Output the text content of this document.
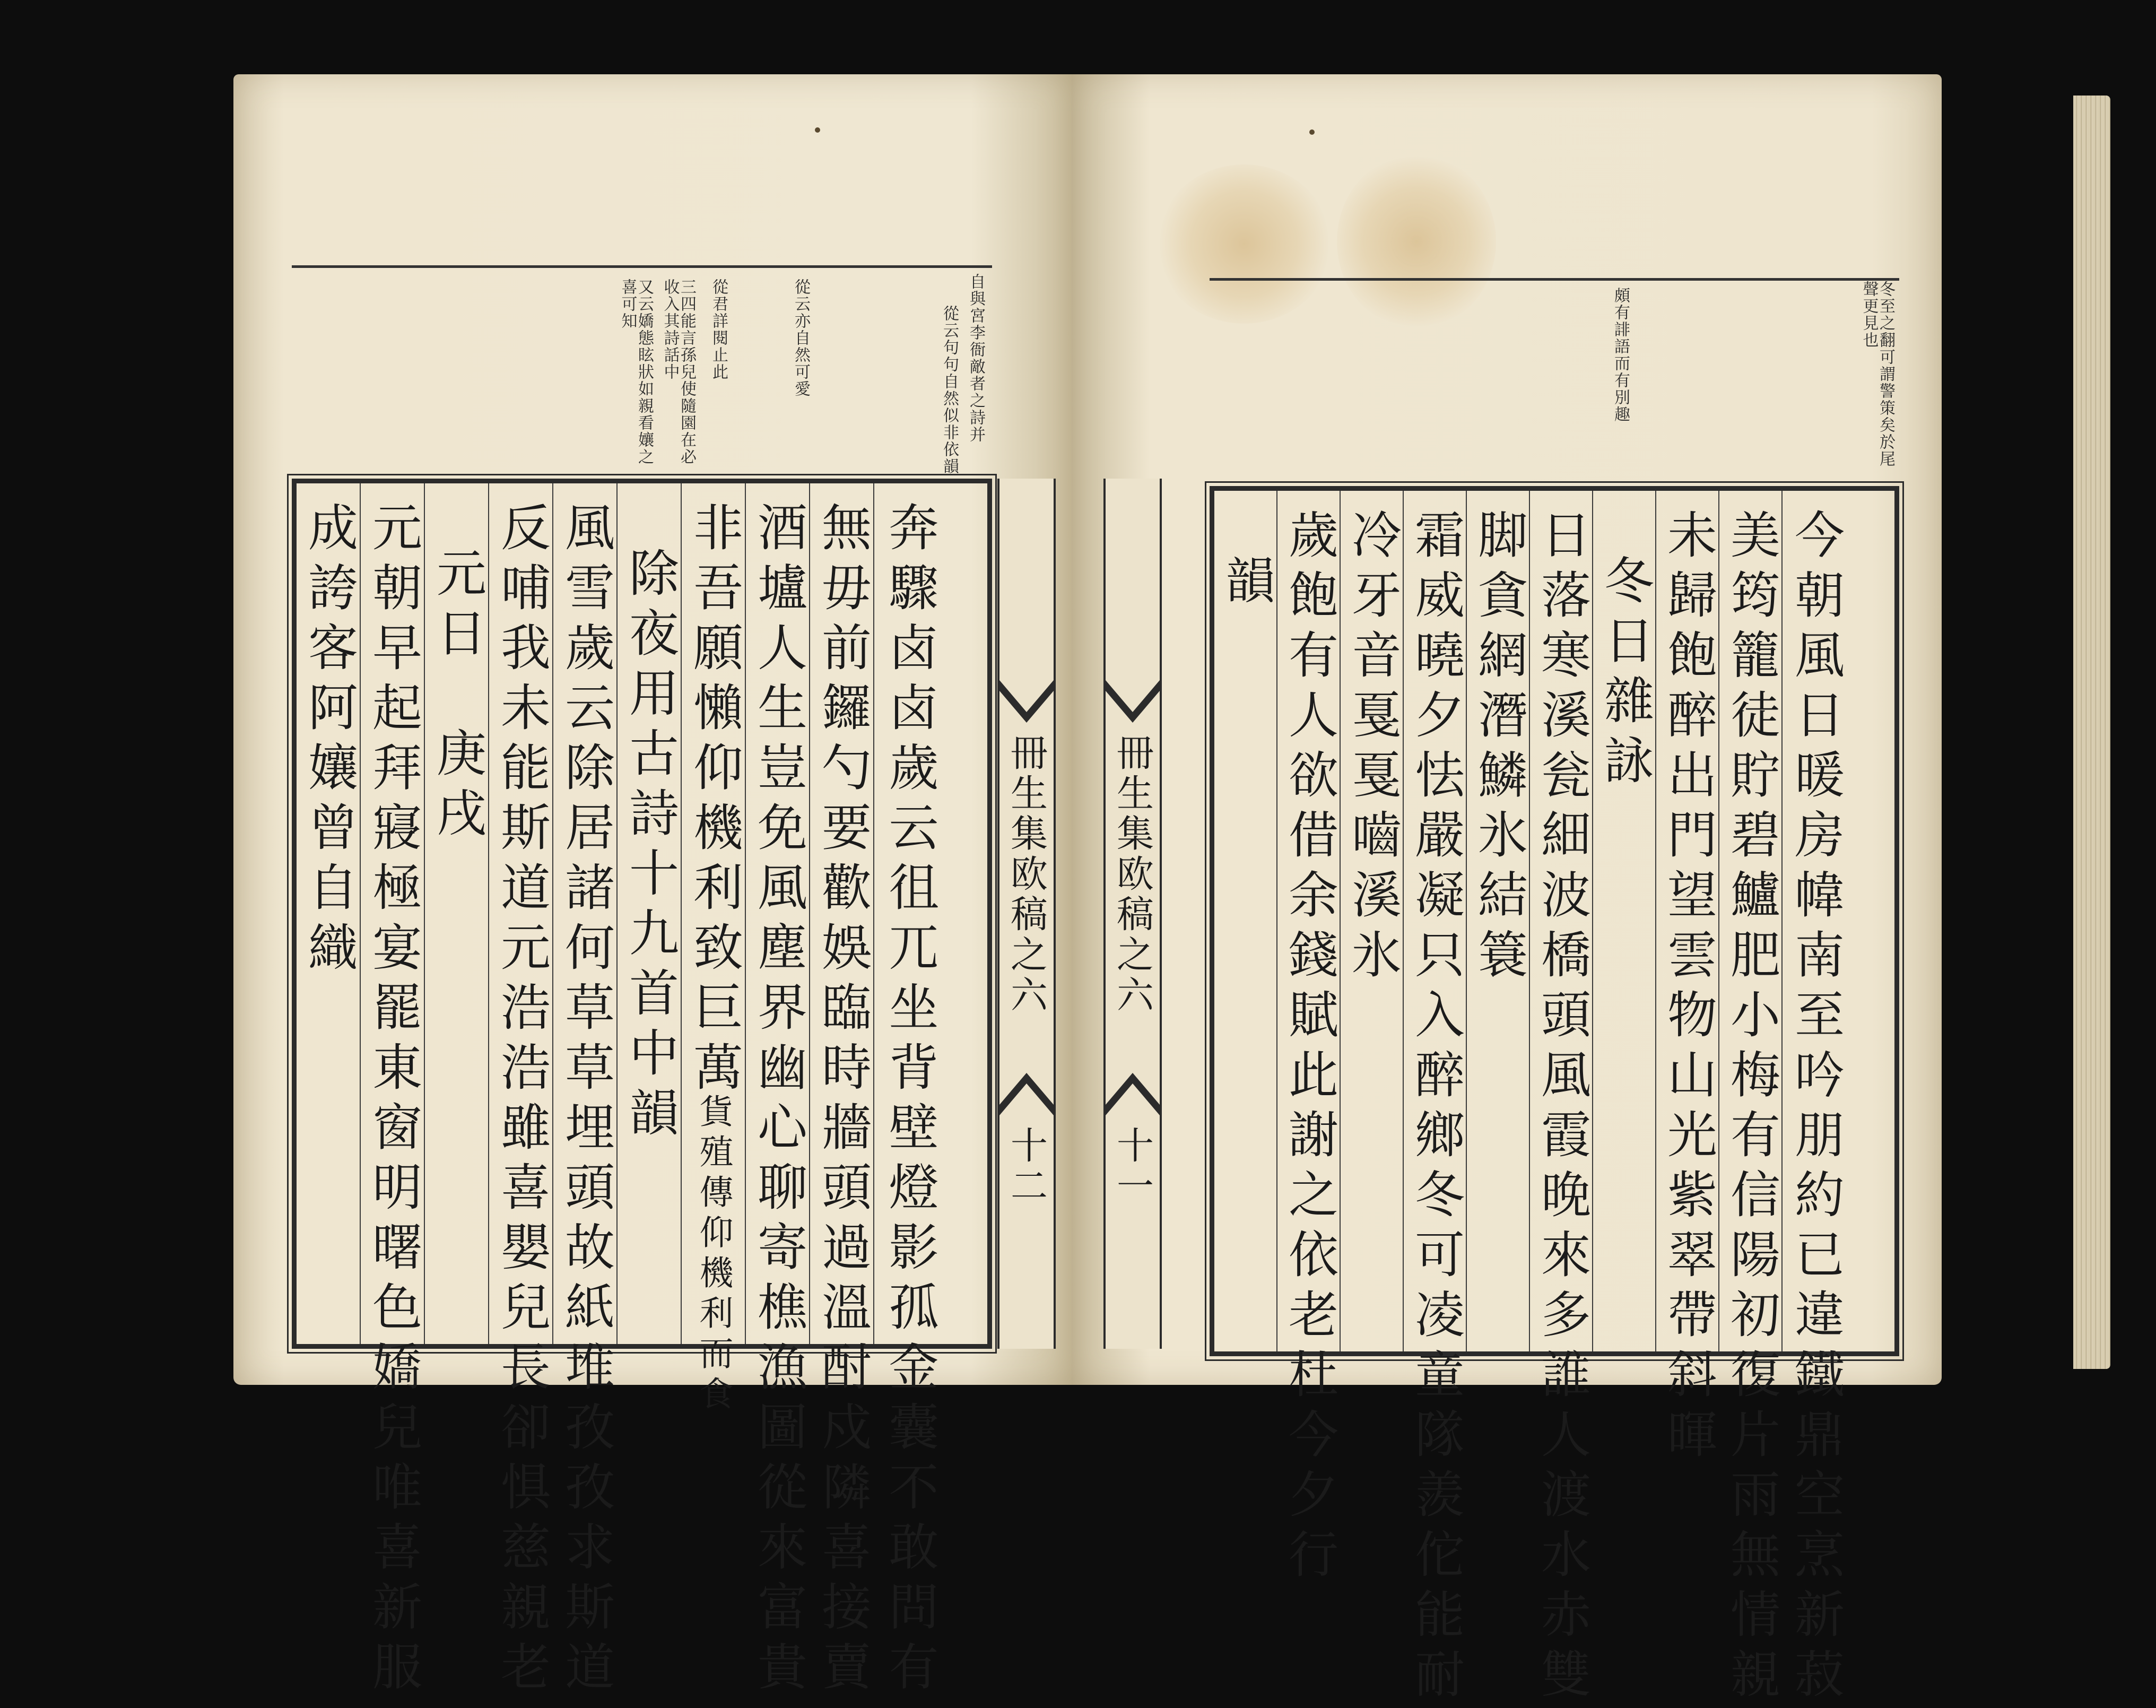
自與宮李衙敵者之詩并
從云句句自然似非依韻
從云亦自然可愛
從君詳閱止此
三四能言孫兒使隨園在必收入其詩話中
又云嬌態眩狀如親看孃之喜可知
成誇客阿孃曾自織 元朝早起拜寢極宴罷東窗明曙色嬌兒唯喜新服 元日　庚戌 反哺我未能斯道元浩浩雖喜嬰兒長卻惧慈親老 風雪歲云除居諸何草草埋頭故紙堆孜孜求斯道 除夜用古詩十九首中韻 非吾願懶仰機利致巨萬
貨殖傳仰機利而食 酒壚人生豈免風塵界幽心聊寄樵漁圖從來富貴 無毋前鑼勺要歡娛臨時牆頭過溫酎戍隣喜接賣 奔驟卤卤歲云徂兀坐背壁燈影孤金囊不敢問有 冊生集欧稿之六
十二
冊生集欧稿之六
十一
冬至之翻可謂警策矣於尾聲更見也
頗有誹語而有別趣
韻 歲飽有人欲借余錢賦此謝之依老杜今夕行 冷牙音戛戛嚙溪氷 霜威曉夕怯嚴凝只入醉鄉冬可凌童隊羨佗能耐 脚貪網潛鱗氷結簑 日落寒溪瓮細波橋頭風霞晚來多誰人渡水赤雙 冬日雜詠 未歸飽醉出門望雲物山光紫翠帶斜暉 美筠籠徒貯碧鱸肥小梅有信陽初復片雨無情親 今朝風日暖房幃南至吟朋約已違鐵鼎空烹新菽
